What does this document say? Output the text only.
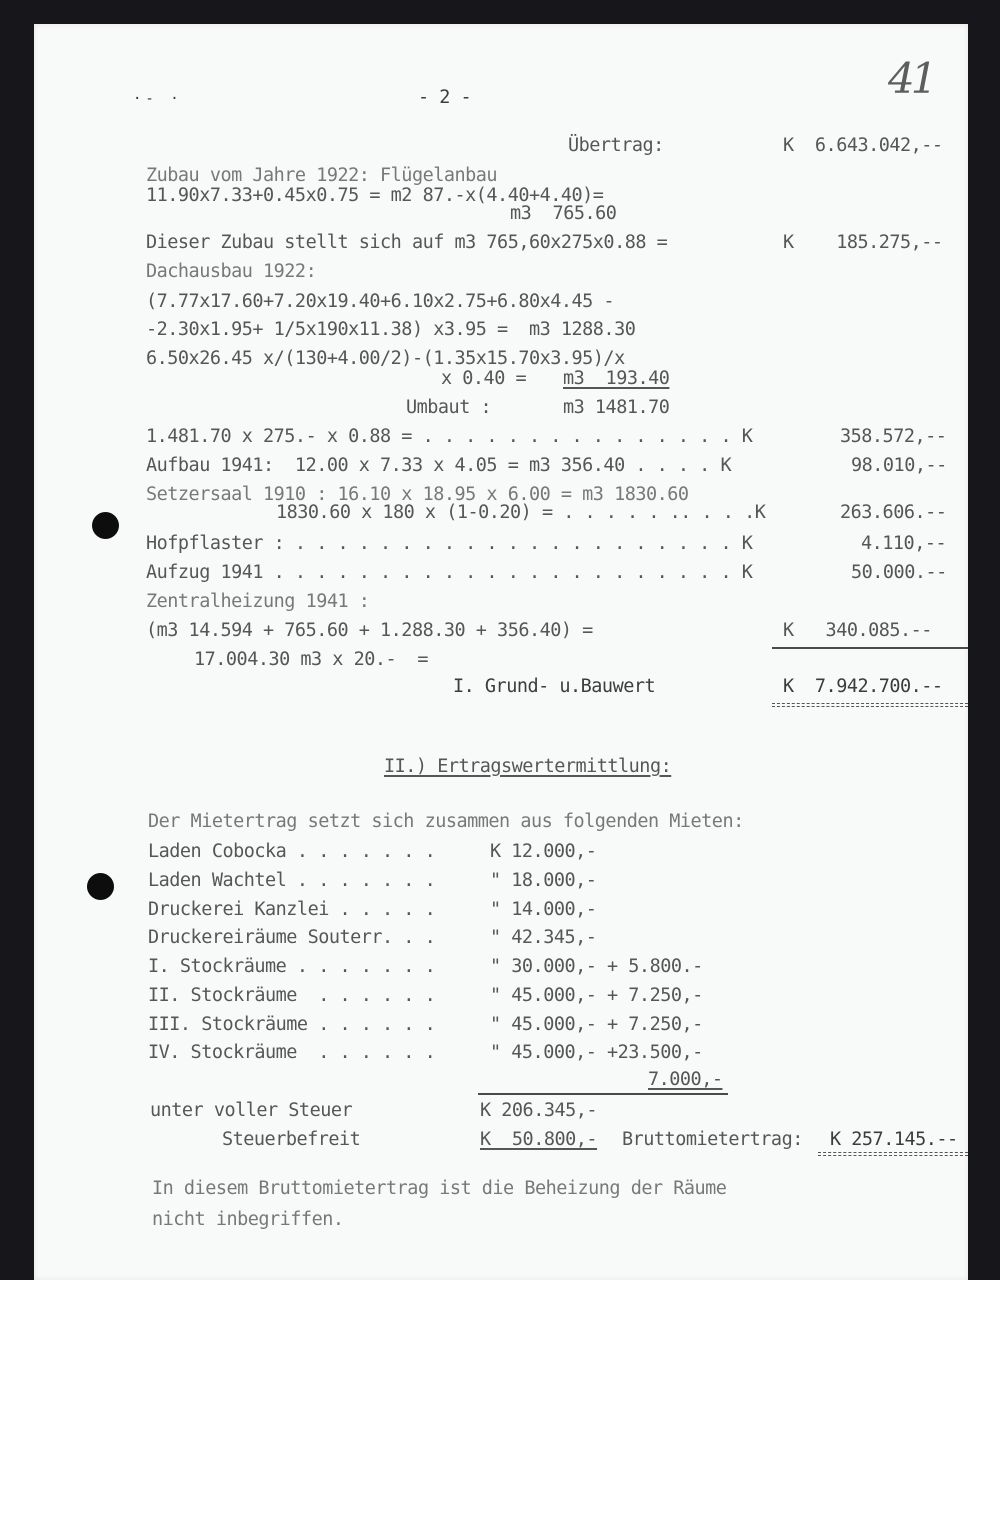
·‑ ·	- 2 -	41
Übertrag:	K  6.643.042,--
Zubau vom Jahre 1922: Flügelanbau
11.90x7.33+0.45x0.75 = m2 87.-x(4.40+4.40)=
m3  765.60
Dieser Zubau stellt sich auf m3 765,60x275x0.88 =	K    185.275,--
Dachausbau 1922:
(7.77x17.60+7.20x19.40+6.10x2.75+6.80x4.45 -
-2.30x1.95+ 1/5x190x11.38) x3.95 =  m3 1288.30
6.50x26.45 x/(130+4.00/2)-(1.35x15.70x3.95)/x
x 0.40 = m3  193.40
Umbaut :	m3 1481.70
1.481.70 x 275.- x 0.88 = . . . . . . . . . . . . . . . K	358.572,--
Aufbau 1941:  12.00 x 7.33 x 4.05 = m3 356.40 . . . . K	98.010,--
Setzersaal 1910 : 16.10 x 18.95 x 6.00 = m3 1830.60
1830.60 x 180 x (1-0.20) = . . . . . .. . . .K	263.606.--
Hofpflaster : . . . . . . . . . . . . . . . . . . . . . K	4.110,--
Aufzug 1941 . . . . . . . . . . . . . . . . . . . . . . K	50.000.--
Zentralheizung 1941 :
(m3 14.594 + 765.60 + 1.288.30 + 356.40) =	K   340.085.--
17.004.30 m3 x 20.-  =
I. Grund- u.Bauwert	K  7.942.700.--
II.) Ertragswertermittlung:
Der Mietertrag setzt sich zusammen aus folgenden Mieten:
Laden Cobocka . . . . . . .	K 12.000,-
Laden Wachtel . . . . . . .	" 18.000,-
Druckerei Kanzlei . . . . .	" 14.000,-
Druckereiräume Souterr. . .	" 42.345,-
I. Stockräume . . . . . . .	" 30.000,- + 5.800.-
II. Stockräume  . . . . . .	" 45.000,- + 7.250,-
III. Stockräume . . . . . .	" 45.000,- + 7.250,-
IV. Stockräume  . . . . . .	" 45.000,- +23.500,-
7.000,-
unter voller Steuer	K 206.345,-
Steuerbefreit	K  50.800,- Bruttomietertrag: K 257.145.--
In diesem Bruttomietertrag ist die Beheizung der Räume
nicht inbegriffen.
